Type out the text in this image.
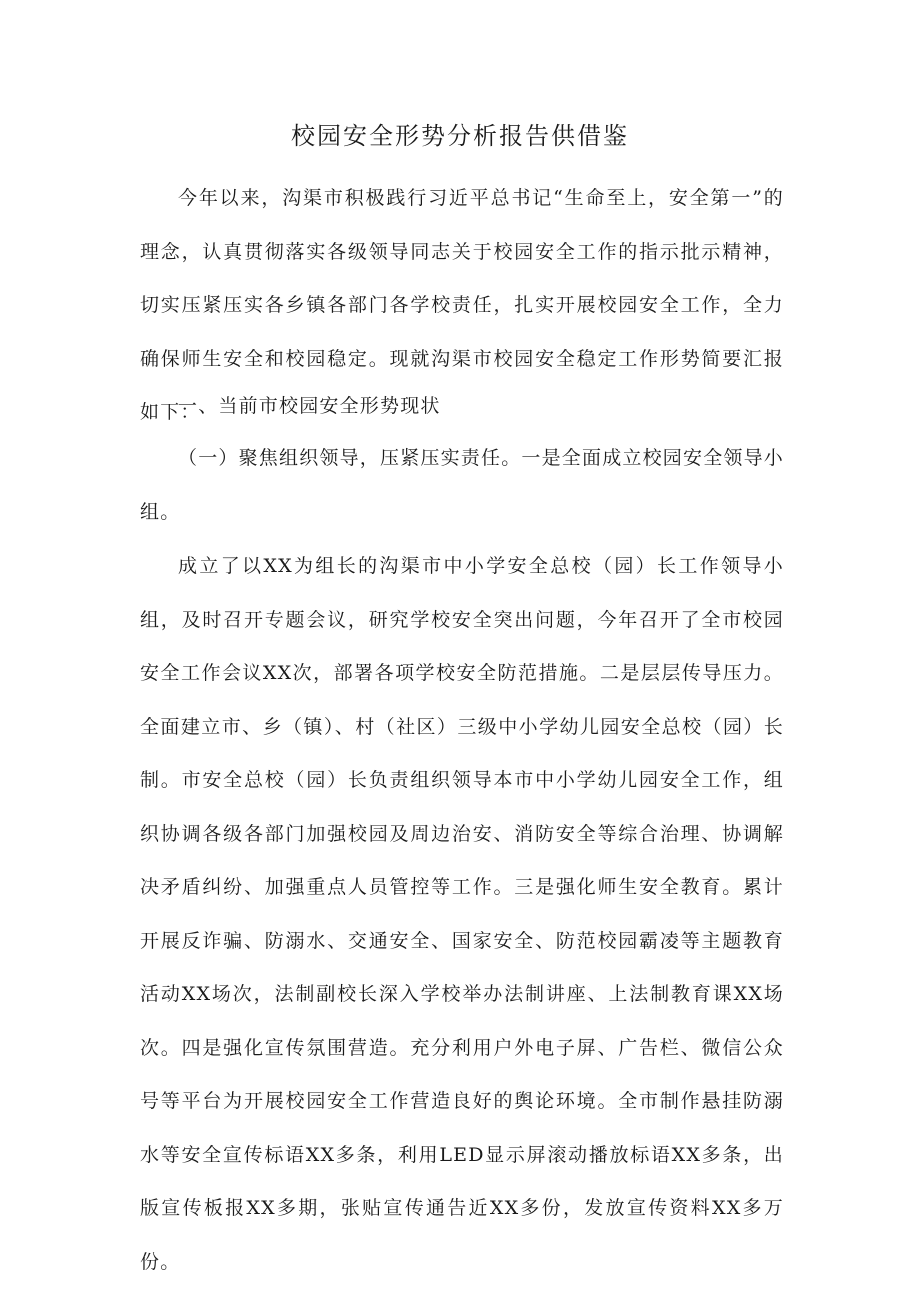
校园安全形势分析报告供借鉴

今年以来，沟渠市积极践行习近平总书记“生命至上，安全第一”的理念，认真贯彻落实各级领导同志关于校园安全工作的指示批示精神，切实压紧压实各乡镇各部门各学校责任，扎实开展校园安全工作，全力确保师生安全和校园稳定。现就沟渠市校园安全稳定工作形势简要汇报如下：

一、当前市校园安全形势现状

（一）聚焦组织领导，压紧压实责任。一是全面成立校园安全领导小组。

成立了以XX为组长的沟渠市中小学安全总校（园）长工作领导小组，及时召开专题会议，研究学校安全突出问题，今年召开了全市校园安全工作会议XX次，部署各项学校安全防范措施。二是层层传导压力。全面建立市、乡（镇）、村（社区）三级中小学幼儿园安全总校（园）长制。市安全总校（园）长负责组织领导本市中小学幼儿园安全工作，组织协调各级各部门加强校园及周边治安、消防安全等综合治理、协调解决矛盾纠纷、加强重点人员管控等工作。三是强化师生安全教育。累计开展反诈骗、防溺水、交通安全、国家安全、防范校园霸凌等主题教育活动XX场次，法制副校长深入学校举办法制讲座、上法制教育课XX场次。四是强化宣传氛围营造。充分利用户外电子屏、广告栏、微信公众号等平台为开展校园安全工作营造良好的舆论环境。全市制作悬挂防溺水等安全宣传标语XX多条，利用LED显示屏滚动播放标语XX多条，出版宣传板报XX多期，张贴宣传通告近XX多份，发放宣传资料XX多万份。
